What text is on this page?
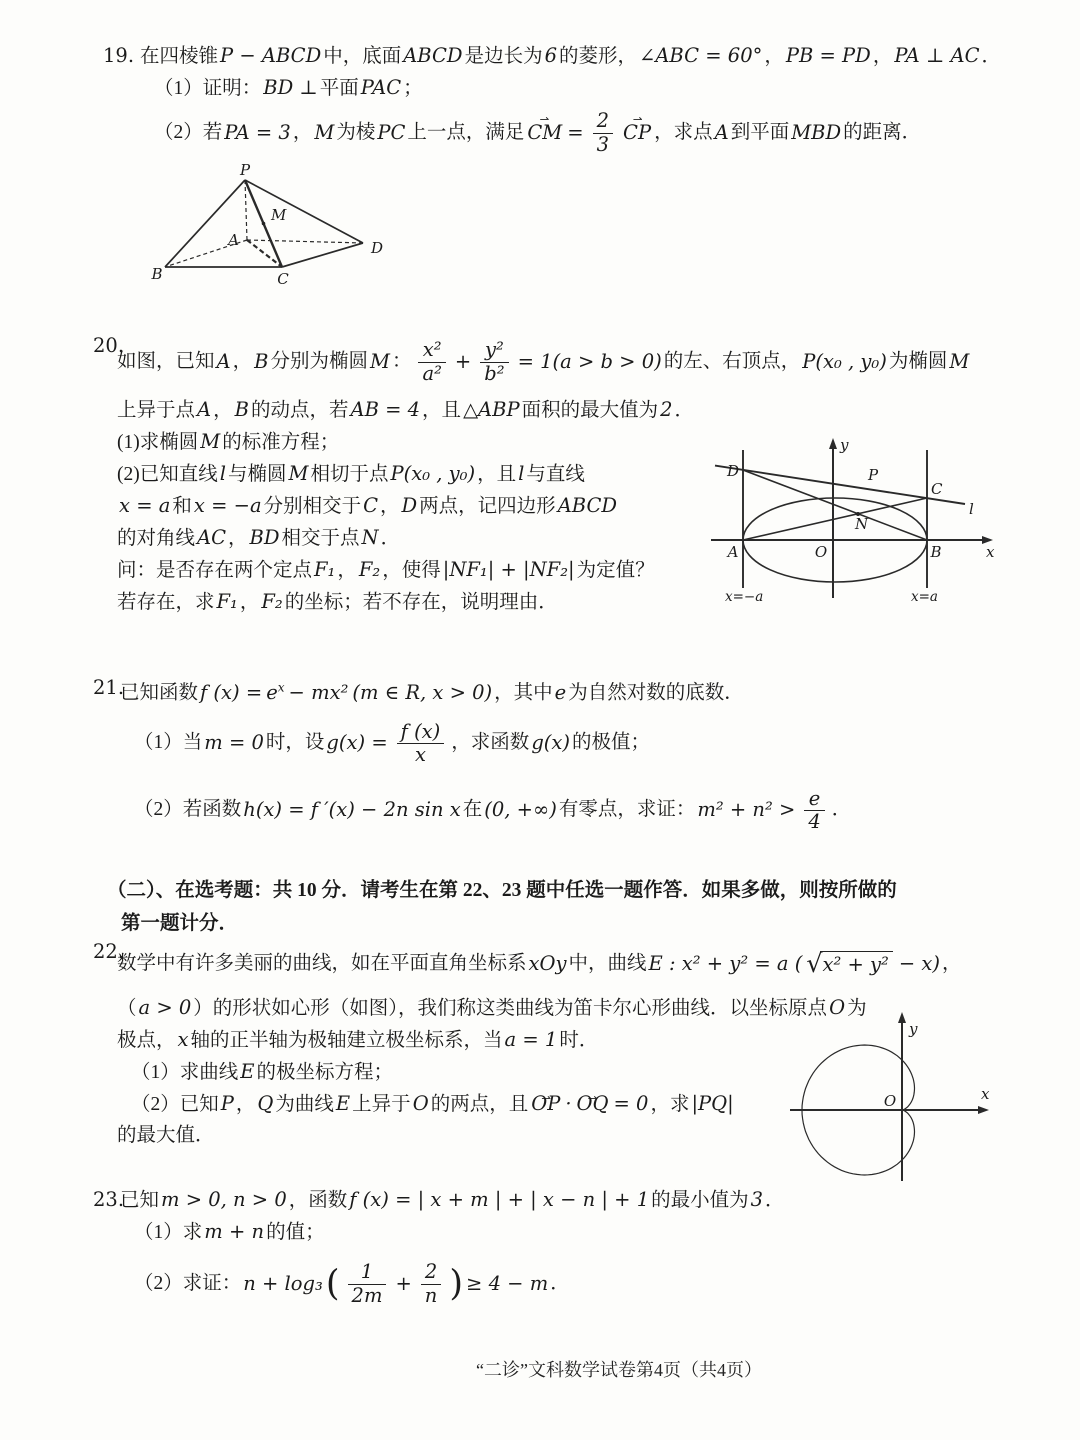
19. 在四棱锥 P − ABCD 中，底面 ABCD 是边长为 6 的菱形， ∠ABC = 60° ， PB = PD ， PA ⊥ AC ．
（1）证明： BD ⊥ 平面 PAC ；
（2）若 PA = 3 ， M 为棱 PC 上一点，满足 CM ⇀ = $\frac{2}{3}$ CP ⇀ ，求点 A 到平面 MBD 的距离．
P
M
A
B	C
D
20.
如图，已知 A ， B 分别为椭圆 M ： $\frac{\text{x²}}{\text{a²}} + \frac{\text{y²}}{\text{b²}} = 1(a > b > 0)$ 的左、右顶点， P(x₀ , y₀) 为椭圆 M
上异于点 A ， B 的动点，若 AB = 4 ，且 △ABP 面积的最大值为 2 ．
(1)求椭圆 M 的标准方程；
(2)已知直线 l 与椭圆 M 相切于点 P(x₀ , y₀) ，且 l 与直线
x = a 和 x = −a 分别相交于 C ， D 两点，记四边形 ABCD
的对角线 AC ， BD 相交于点 N ．
问：是否存在两个定点 F₁ ， F₂ ，使得 |NF₁| + |NF₂| 为定值？
若存在，求 F₁ ， F₂ 的坐标；若不存在，说明理由．
y
x
D	P
C
l
N
A	O	B
x=−a	x=a
21.
已知函数 f $(x) = e^x - mx^2$ (m ∈ R, x > 0) ，其中 e 为自然对数的底数．
（1）当 m = 0 时，设 $g(x) = \frac{f (x)}{x}$ ，求函数 g(x) 的极值；
（2）若函数 h(x) = f ′(x) − 2n sin x 在 (0, +∞) 有零点，求证： $m^2 + n^2 > \frac{e}{4}$ ．
（二）、在选考题：共 10 分．请考生在第 22、23 题中任选一题作答．如果多做，则按所做的
第一题计分．
22.
数学中有许多美丽的曲线，如在平面直角坐标系 xOy 中，曲线 E : x² + y² = a ( √ x² + y² − x) ，
（ a > 0 ）的形状如心形（如图），我们称这类曲线为笛卡尔心形曲线．以坐标原点 O 为
极点， x 轴的正半轴为极轴建立极坐标系，当 a = 1 时．
（1）求曲线 E 的极坐标方程；
（2）已知 P ， Q 为曲线 E 上异于 O 的两点，且 OP ⇀ · OQ ⇀ = 0 ，求 |PQ|
的最大值．
y
x
O
23.
已知 m > 0, n > 0 ，函数 f (x) = | x + m | + | x − n | + 1 的最小值为 3 ．
（1）求 m + n 的值；
（2）求证： n + log₃ ( $\frac{1}{2m} + \frac{2}{n}$ ) ≥ 4 − m ．
“二诊”文科数学试卷第4页（共4页）
